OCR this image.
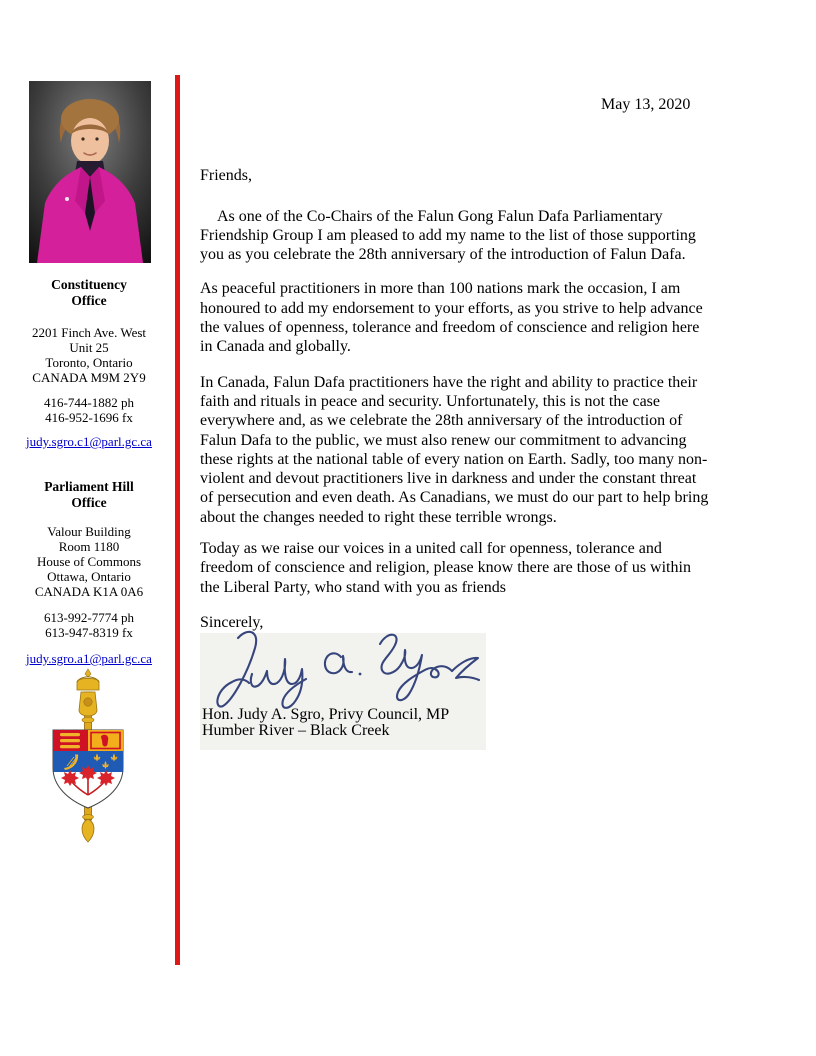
Constituency
Office
2201 Finch Ave. West
Unit 25
Toronto, Ontario
CANADA M9M 2Y9
416-744-1882 ph
416-952-1696 fx
judy.sgro.c1@parl.gc.ca
Parliament Hill
Office
Valour Building
Room 1180
House of Commons
Ottawa, Ontario
CANADA K1A 0A6
613-992-7774 ph
613-947-8319 fx
judy.sgro.a1@parl.gc.ca

May 13, 2020

Friends,

As one of the Co-Chairs of the Falun Gong Falun Dafa Parliamentary Friendship Group I am pleased to add my name to the list of those supporting you as you celebrate the 28th anniversary of the introduction of Falun Dafa.

As peaceful practitioners in more than 100 nations mark the occasion, I am honoured to add my endorsement to your efforts, as you strive to help advance the values of openness, tolerance and freedom of conscience and religion here in Canada and globally.

In Canada, Falun Dafa practitioners have the right and ability to practice their faith and rituals in peace and security. Unfortunately, this is not the case everywhere and, as we celebrate the 28th anniversary of the introduction of Falun Dafa to the public, we must also renew our commitment to advancing these rights at the national table of every nation on Earth. Sadly, too many non-violent and devout practitioners live in darkness and under the constant threat of persecution and even death. As Canadians, we must do our part to help bring about the changes needed to right these terrible wrongs.

Today as we raise our voices in a united call for openness, tolerance and freedom of conscience and religion, please know there are those of us within the Liberal Party, who stand with you as friends

Sincerely,

Hon. Judy A. Sgro, Privy Council, MP
Humber River – Black Creek
